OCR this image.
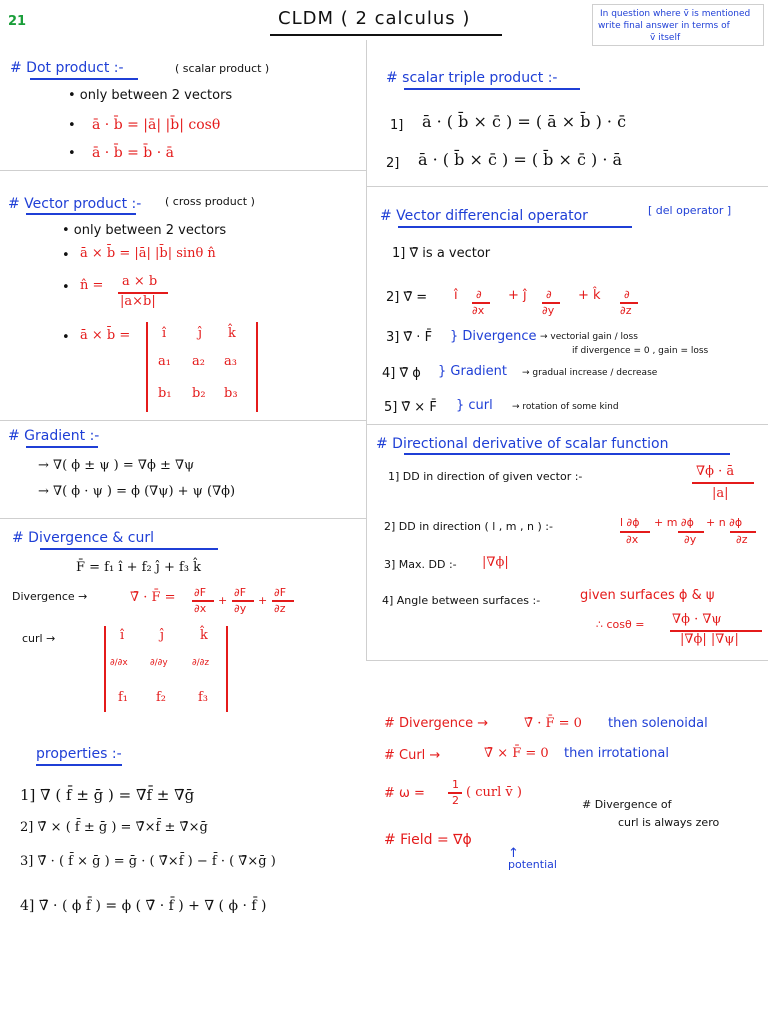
21	CLDM ( 2 calculus )	In question where ṽ is mentioned
write final answer in terms of
ṽ itself
# Dot product :-	( scalar product )
• only between 2 vectors
• ā · b̄ = |ā| |b̄| cosθ
• ā · b̄ = b̄ · ā
# scalar triple product :-
1] ā · ( b̄ × c̄ ) = ( ā × b̄ ) · c̄
2] ā · ( b̄ × c̄ ) = ( b̄ × c̄ ) · ā
# Vector product :- ( cross product )
• only between 2 vectors
• ā × b̄ = |ā| |b̄| sinθ n̂
• n̂ = a × b
|a×b|
• ā × b̄ = î ĵ k̂
a₁ a₂ a₃
b₁ b₂ b₃
# Vector differencial operator	[ del operator ]
1] ∇̄ is a vector
2] ∇̄ = î ∂
∂x
+ ĵ ∂
∂y
+ k̂ ∂
∂z
3] ∇̄ · F̄ } Divergence → vectorial gain / loss
if divergence = 0 , gain = loss
4] ∇̄ ϕ } Gradient → gradual increase / decrease
5] ∇̄ × F̄ } curl → rotation of some kind
# Gradient :-
→ ∇( ϕ ± ψ ) = ∇ϕ ± ∇ψ
→ ∇( ϕ · ψ ) = ϕ (∇ψ) + ψ (∇ϕ)
# Directional derivative of scalar function
1] DD in direction of given vector :-	∇ϕ · ā
|a|
2] DD in direction ( l , m , n ) :-	l ∂ϕ
∂x
+ m ∂ϕ
∂y
+ n ∂ϕ
∂z
3] Max. DD :- |∇ϕ|
4] Angle between surfaces :-	given surfaces ϕ & ψ
∴ cosθ = ∇ϕ · ∇ψ
|∇ϕ| |∇ψ|
# Divergence & curl
F̄ = f₁ î + f₂ ĵ + f₃ k̂
Divergence →	∇̄ · F̄ = ∂F
∂x
+
∂F
∂y
+
∂F
∂z
curl →	î	ĵ	k̂
∂/∂x ∂/∂y	∂/∂z
f₁ f₂ f₃
properties :-
1] ∇̄ ( f̄ ± ḡ ) = ∇̄f̄ ± ∇̄ḡ
2] ∇̄ × ( f̄ ± ḡ ) = ∇̄×f̄ ± ∇̄×ḡ
3] ∇̄ · ( f̄ × ḡ ) = ḡ · ( ∇̄×f̄ ) − f̄ · ( ∇̄×ḡ )
4] ∇̄ · ( ϕ f̄ ) = ϕ ( ∇̄ · f̄ ) + ∇ ( ϕ · f̄ )
# Divergence →	∇̄ · F̄ = 0 then solenoidal
# Curl →	∇̄ × F̄ = 0 then irrotational
# ω =
1
2
( curl v̄ )
# Divergence of
curl is always zero
# Field = ∇ϕ
↑
potential
